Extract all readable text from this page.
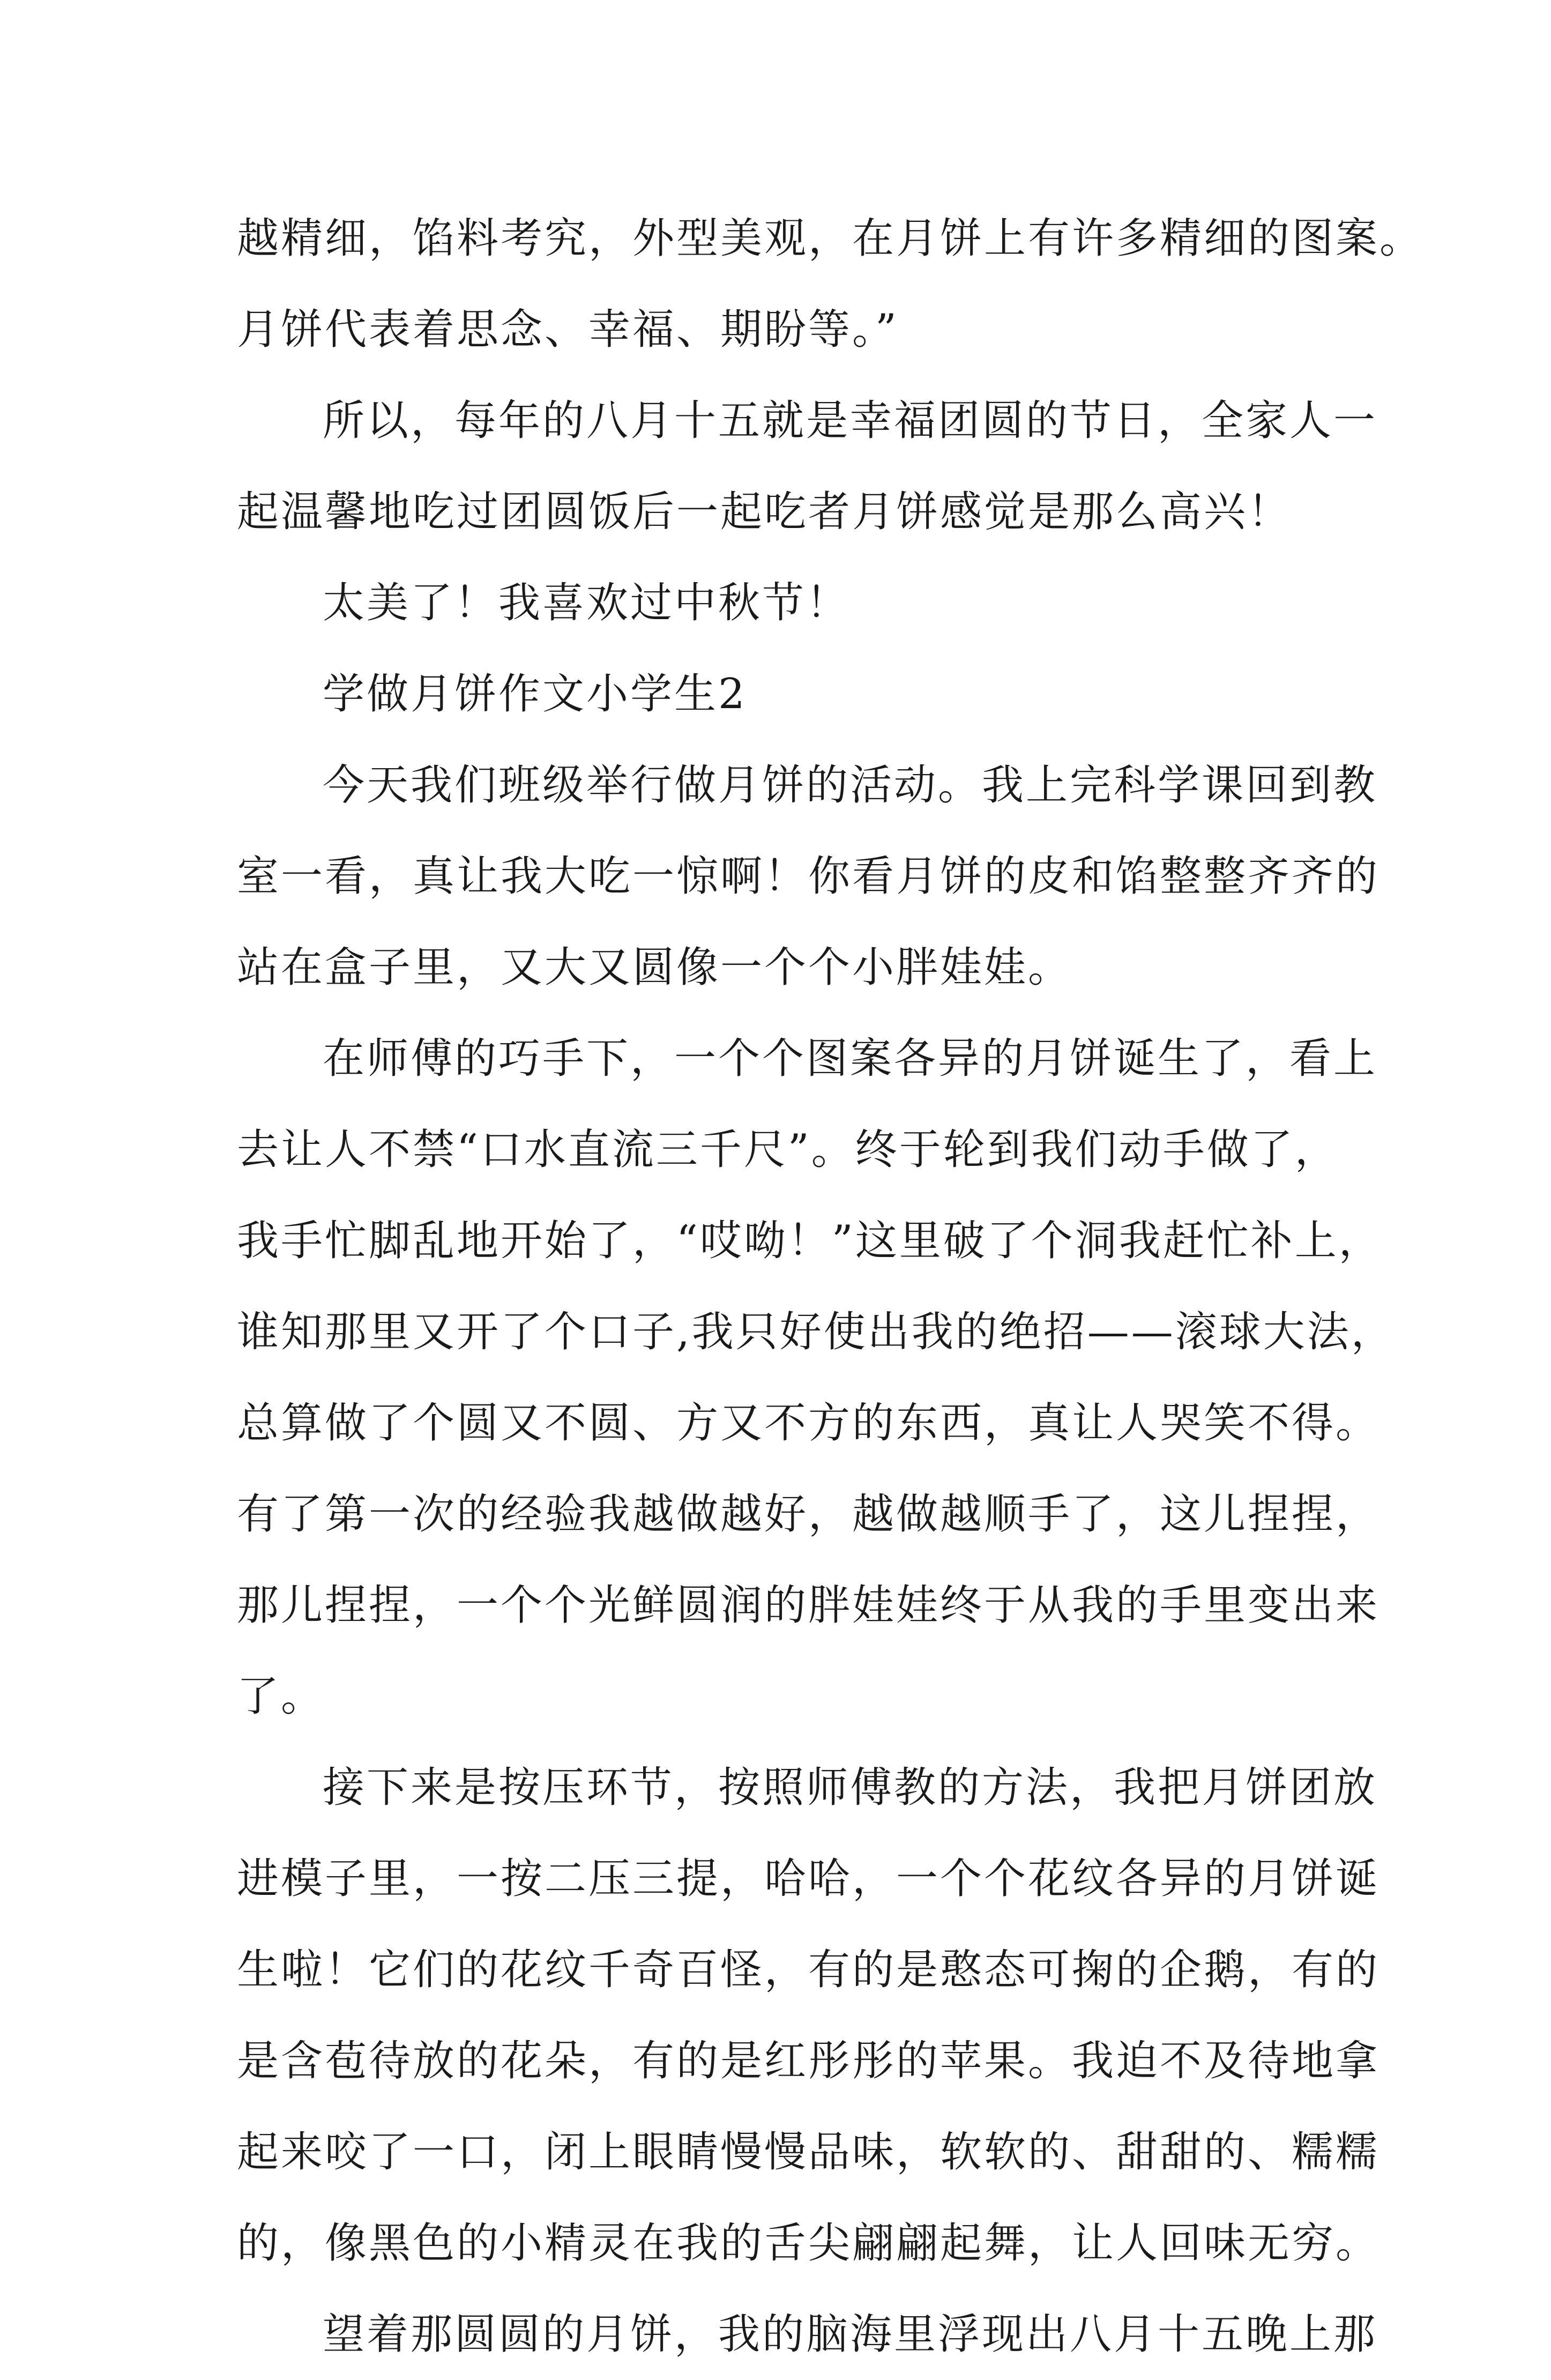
越精细，馅料考究，外型美观，在月饼上有许多精细的图案。
月饼代表着思念、幸福、期盼等。”
所以，每年的八月十五就是幸福团圆的节日，全家人一
起温馨地吃过团圆饭后一起吃者月饼感觉是那么高兴！
太美了！我喜欢过中秋节！
学做月饼作文小学生2
今天我们班级举行做月饼的活动。我上完科学课回到教
室一看，真让我大吃一惊啊！你看月饼的皮和馅整整齐齐的
站在盒子里，又大又圆像一个个小胖娃娃。
在师傅的巧手下，一个个图案各异的月饼诞生了，看上
去让人不禁“口水直流三千尺”。终于轮到我们动手做了，
我手忙脚乱地开始了，“哎呦！”这里破了个洞我赶忙补上，
谁知那里又开了个口子,我只好使出我的绝招——滚球大法，
总算做了个圆又不圆、方又不方的东西，真让人哭笑不得。
有了第一次的经验我越做越好，越做越顺手了，这儿捏捏，
那儿捏捏，一个个光鲜圆润的胖娃娃终于从我的手里变出来
了。
接下来是按压环节，按照师傅教的方法，我把月饼团放
进模子里，一按二压三提，哈哈，一个个花纹各异的月饼诞
生啦！它们的花纹千奇百怪，有的是憨态可掬的企鹅，有的
是含苞待放的花朵，有的是红彤彤的苹果。我迫不及待地拿
起来咬了一口，闭上眼睛慢慢品味，软软的、甜甜的、糯糯
的，像黑色的小精灵在我的舌尖翩翩起舞，让人回味无穷。
望着那圆圆的月饼，我的脑海里浮现出八月十五晚上那
